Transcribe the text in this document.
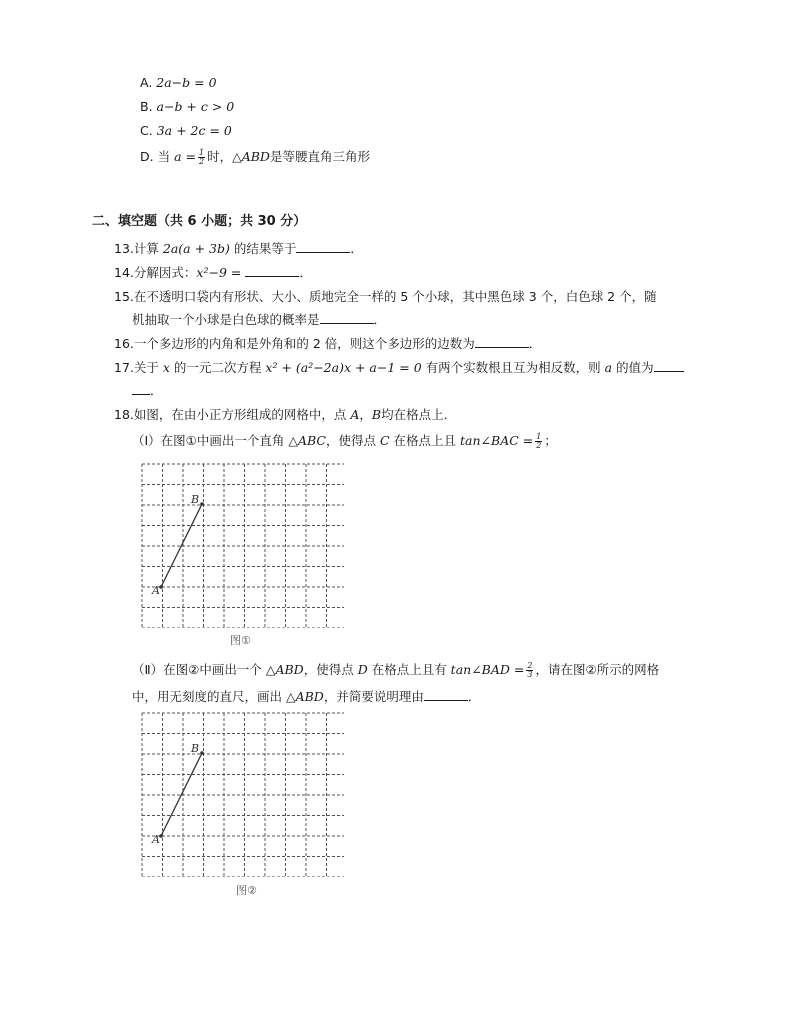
A. 2a−b = 0
B. a−b + c > 0
C. 3a + 2c = 0
D. 当 $a = \frac{1}{2}$ 时，△ABD是等腰直角三角形
二、填空题（共 6 小题；共 30 分）
13.计算 2a(a + 3b) 的结果等于	．
14.分解因式：x²−9 =	．
15.在不透明口袋内有形状、大小、质地完全一样的 5 个小球，其中黑色球 3 个，白色球 2 个，随
机抽取一个小球是白色球的概率是	．
16.一个多边形的内角和是外角和的 2 倍，则这个多边形的边数为	．
17.关于 x 的一元二次方程 x² + (a²−2a)x + a−1 = 0 有两个实数根且互为相反数，则 a 的值为
．
18.如图，在由小正方形组成的网格中，点 A，B均在格点上．
（Ⅰ）在图①中画出一个直角 △ABC，使得点 C 在格点上且 tan∠BAC = $\frac{1}{2}$ ；
A
B
图①
（Ⅱ）在图②中画出一个 △ABD，使得点 D 在格点上且有 tan∠BAD = $\frac{2}{3}$ ，请在图②所示的网格
中，用无刻度的直尺，画出 △ABD，并简要说明理由	．
A
B
图②
